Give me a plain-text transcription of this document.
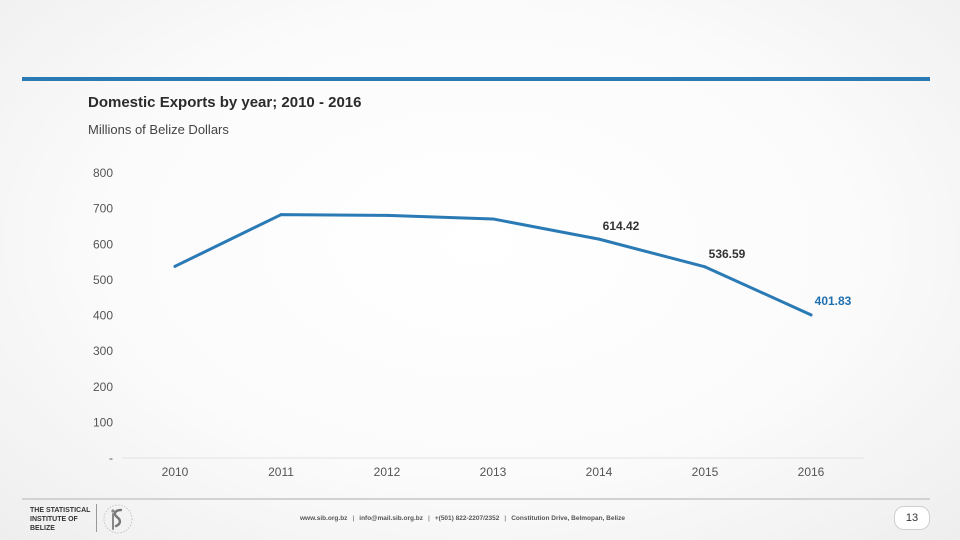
Domestic Exports by year; 2010 - 2016
Millions of Belize Dollars
-
100
200
300
400
500
600
700
800
2010	2011	2012	2013	2014	2015	2016
614.42
536.59
401.83
THE STATISTICAL
INSTITUTE OF
BELIZE
www.sib.org.bz | info@mail.sib.org.bz | +(501) 822-2207/2352 | Constitution Drive, Belmopan, Belize	13
